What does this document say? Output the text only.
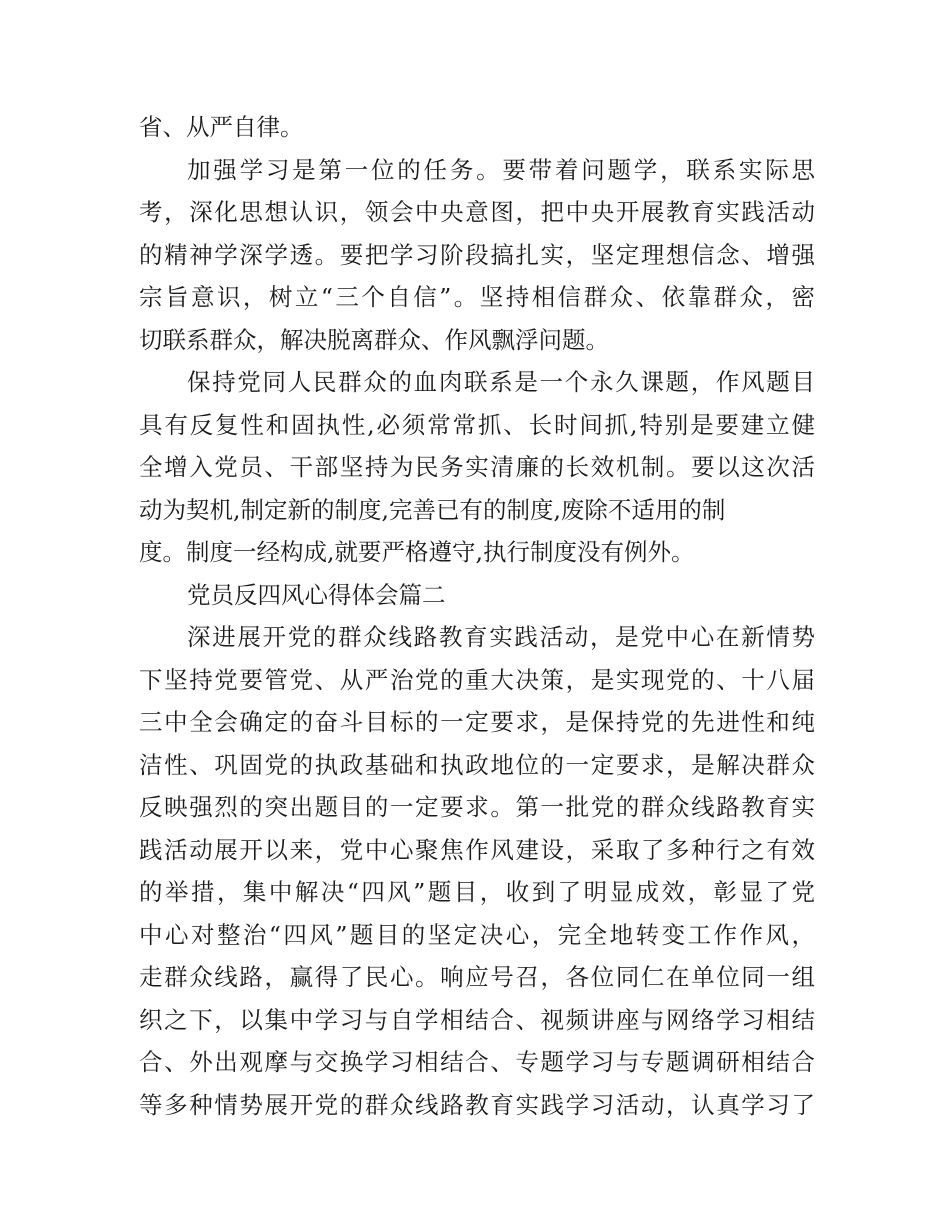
省、从严自律。
加强学习是第一位的任务。要带着问题学，联系实际思
考，深化思想认识，领会中央意图，把中央开展教育实践活动
的精神学深学透。要把学习阶段搞扎实，坚定理想信念、增强
宗旨意识，树立“三个自信”。坚持相信群众、依靠群众，密
切联系群众，解决脱离群众、作风飘浮问题。
保持党同人民群众的血肉联系是一个永久课题，作风题目
具有反复性和固执性,必须常常抓、长时间抓,特别是要建立健
全增入党员、干部坚持为民务实清廉的长效机制。要以这次活
动为契机,制定新的制度,完善已有的制度,废除不适用的制
度。制度一经构成,就要严格遵守,执行制度没有例外。
党员反四风心得体会篇二
深进展开党的群众线路教育实践活动，是党中心在新情势
下坚持党要管党、从严治党的重大决策，是实现党的、十八届
三中全会确定的奋斗目标的一定要求，是保持党的先进性和纯
洁性、巩固党的执政基础和执政地位的一定要求，是解决群众
反映强烈的突出题目的一定要求。第一批党的群众线路教育实
践活动展开以来，党中心聚焦作风建设，采取了多种行之有效
的举措，集中解决“四风”题目，收到了明显成效，彰显了党
中心对整治“四风”题目的坚定决心，完全地转变工作作风，
走群众线路，赢得了民心。响应号召，各位同仁在单位同一组
织之下，以集中学习与自学相结合、视频讲座与网络学习相结
合、外出观摩与交换学习相结合、专题学习与专题调研相结合
等多种情势展开党的群众线路教育实践学习活动，认真学习了
